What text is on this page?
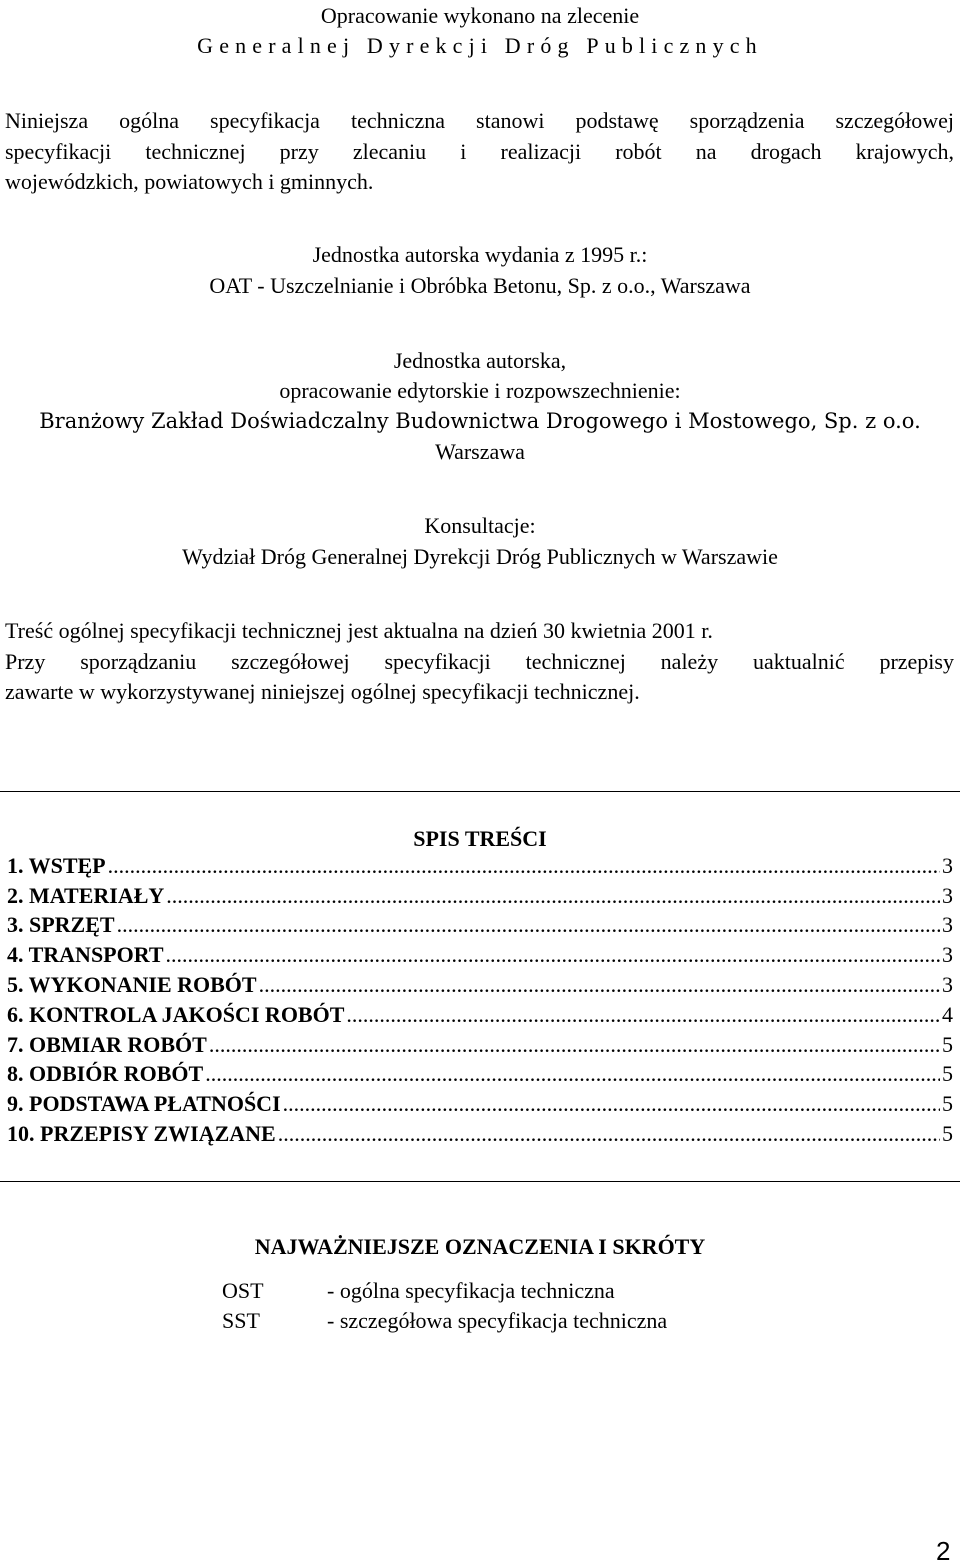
Opracowanie wykonano na zlecenie
Generalnej Dyrekcji Dróg Publicznych
Niniejsza ogólna specyfikacja techniczna stanowi podstawę sporządzenia szczegółowej
specyfikacji technicznej przy zlecaniu i realizacji robót na drogach krajowych,
wojewódzkich, powiatowych i gminnych.
Jednostka autorska wydania z 1995 r.:
OAT - Uszczelnianie i Obróbka Betonu, Sp. z o.o., Warszawa
Jednostka autorska,
opracowanie edytorskie i rozpowszechnienie:
Branżowy Zakład Doświadczalny Budownictwa Drogowego i Mostowego, Sp. z o.o.
Warszawa
Konsultacje:
Wydział Dróg Generalnej Dyrekcji Dróg Publicznych w Warszawie
Treść ogólnej specyfikacji technicznej jest aktualna na dzień 30 kwietnia 2001 r.
Przy sporządzaniu szczegółowej specyfikacji technicznej należy uaktualnić przepisy
zawarte w wykorzystywanej niniejszej ogólnej specyfikacji technicznej.
SPIS TREŚCI
1. WSTĘP .....	3
2. MATERIAŁY .....	3
3. SPRZĘT .....	3
4. TRANSPORT .....	3
5. WYKONANIE ROBÓT .....	3
6. KONTROLA JAKOŚCI ROBÓT .....	4
7. OBMIAR ROBÓT .....	5
8. ODBIÓR ROBÓT .....	5
9. PODSTAWA PŁATNOŚCI .....	5
10. PRZEPISY ZWIĄZANE .....	5
NAJWAŻNIEJSZE OZNACZENIA I SKRÓTY
OST	- ogólna specyfikacja techniczna
SST	- szczegółowa specyfikacja techniczna
2
